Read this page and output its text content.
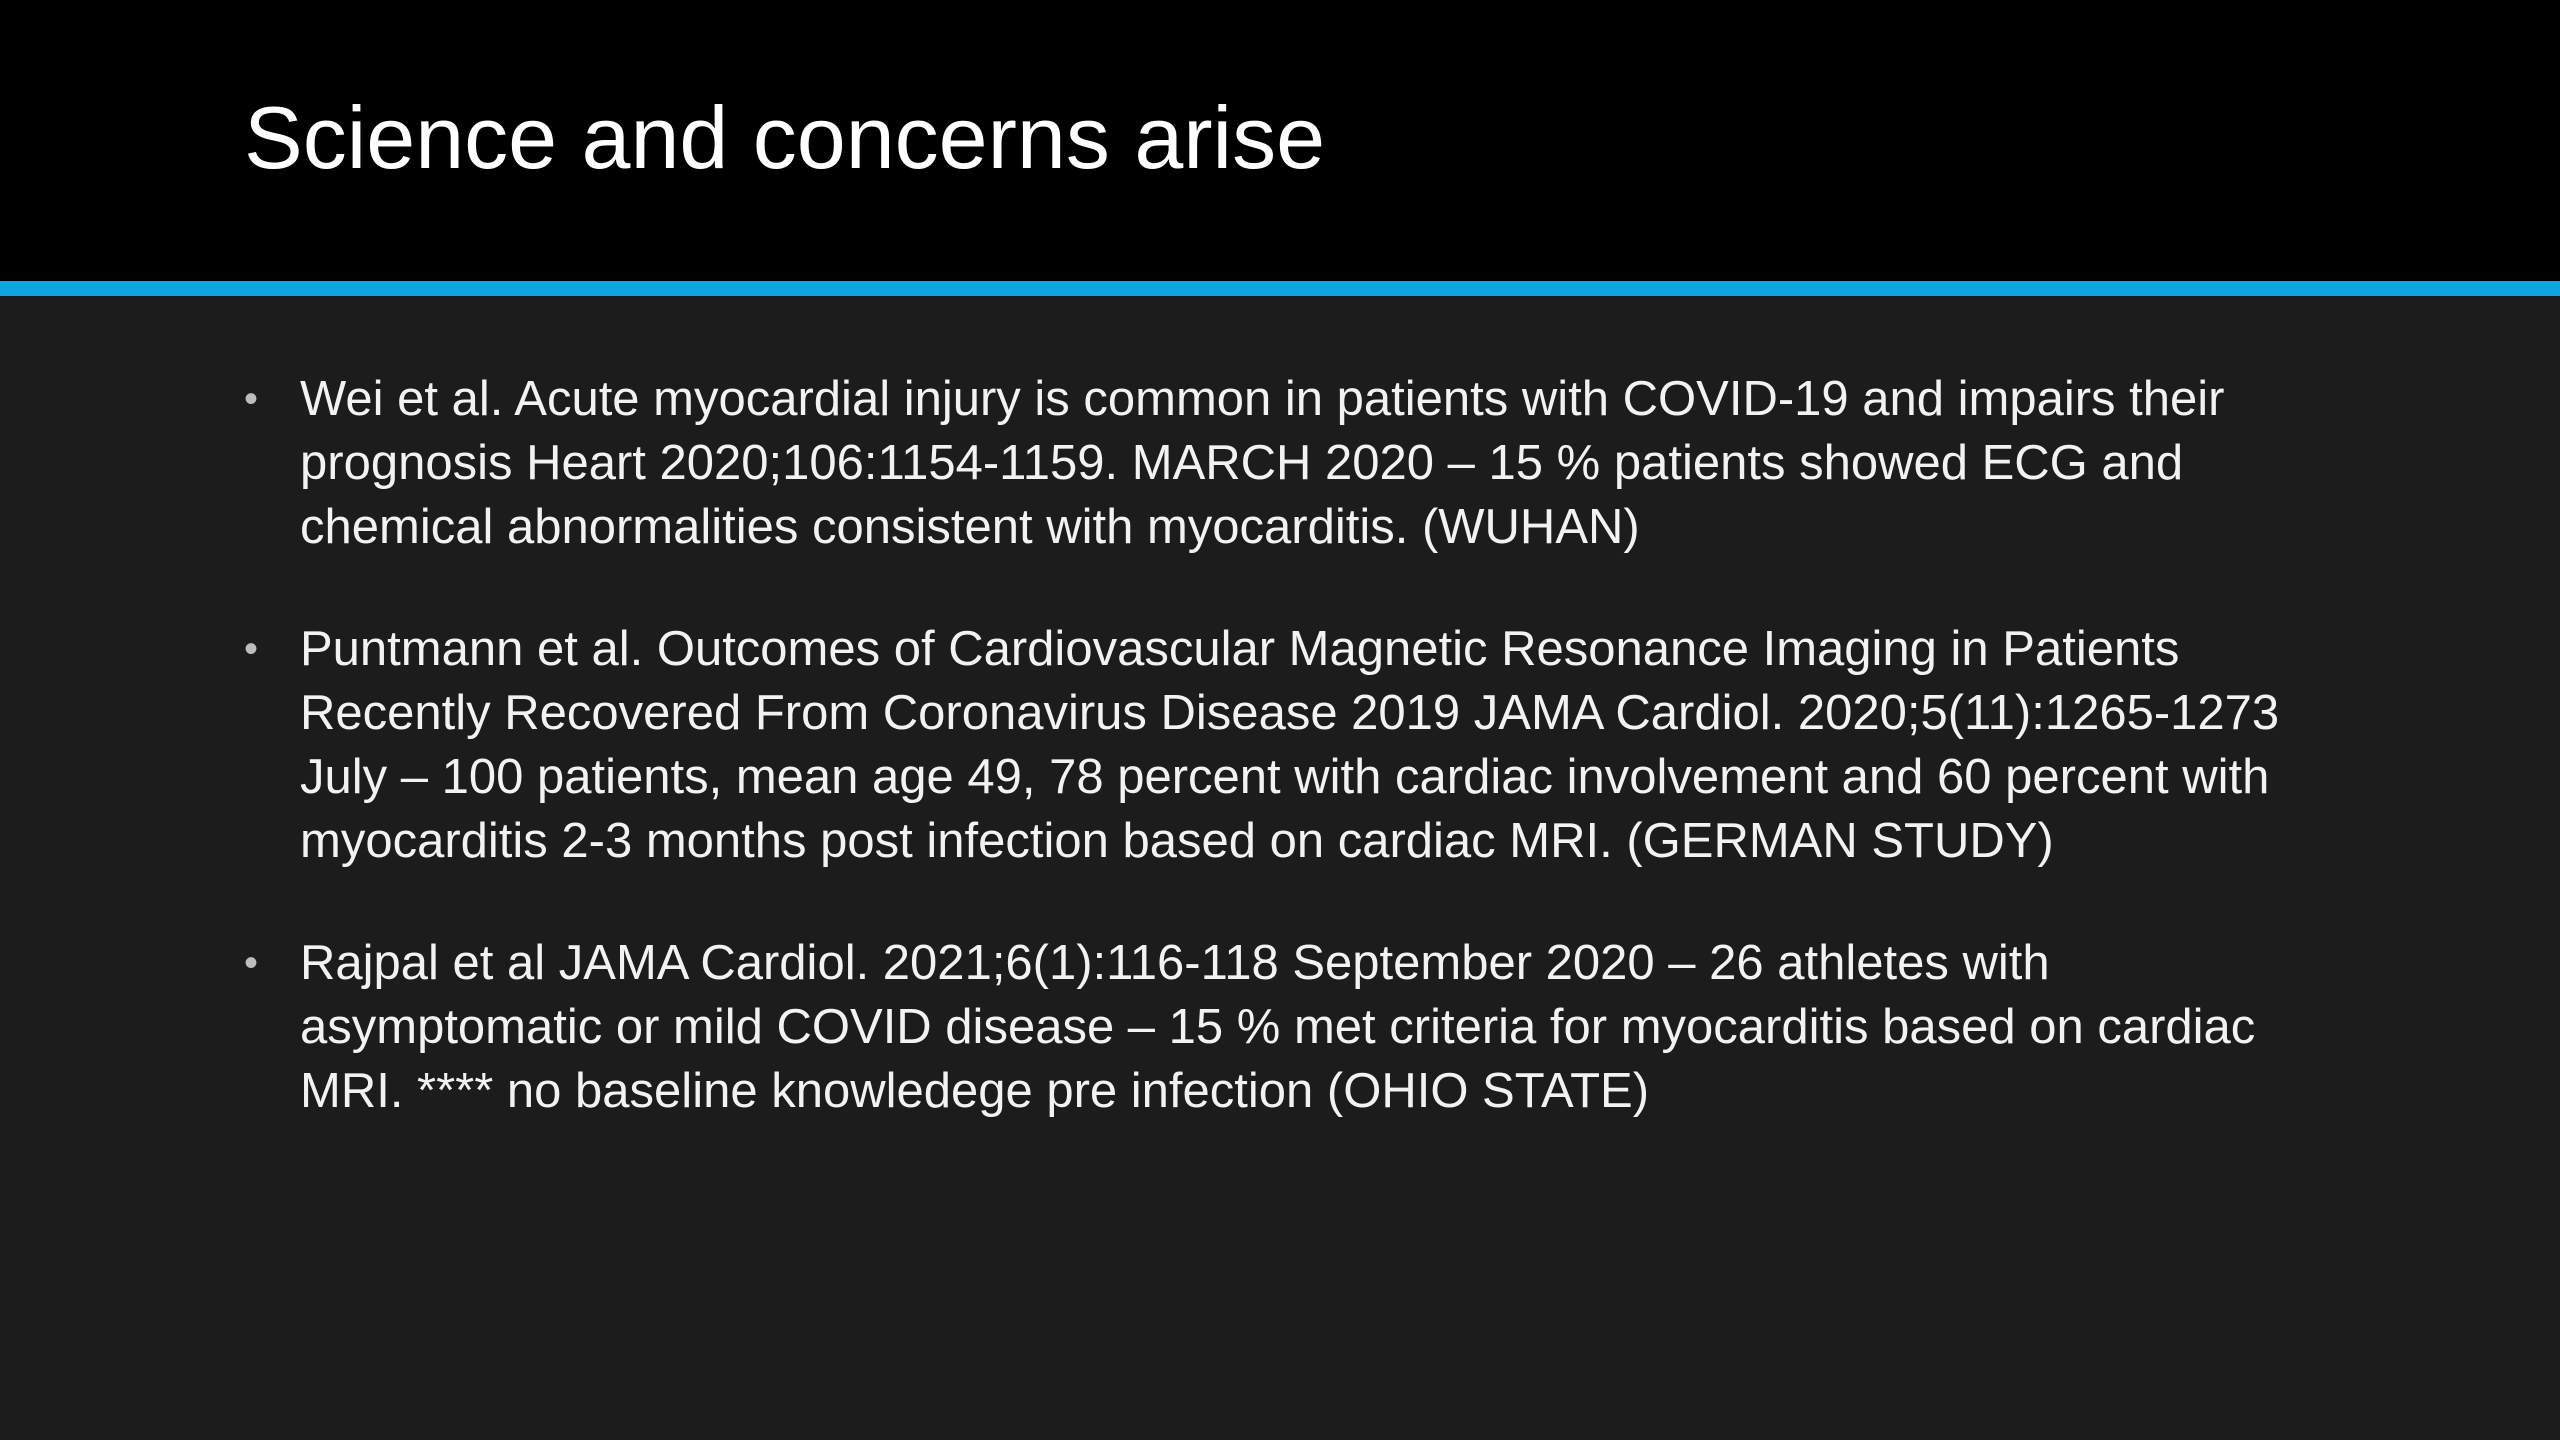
Science and concerns arise
• Wei et al. Acute myocardial injury is common in patients with COVID-19 and impairs their prognosis Heart 2020;106:1154-1159. MARCH 2020 – 15 % patients showed ECG and chemical abnormalities consistent with myocarditis. (WUHAN)
• Puntmann et al. Outcomes of Cardiovascular Magnetic Resonance Imaging in Patients Recently Recovered From Coronavirus Disease 2019 JAMA Cardiol. 2020;5(11):1265-1273 July – 100 patients, mean age 49, 78 percent with cardiac involvement and 60 percent with myocarditis 2-3 months post infection based on cardiac MRI. (GERMAN STUDY)
• Rajpal et al JAMA Cardiol. 2021;6(1):116-118 September 2020 – 26 athletes with asymptomatic or mild COVID disease – 15 % met criteria for myocarditis based on cardiac MRI. **** no baseline knowledege pre infection (OHIO STATE)
